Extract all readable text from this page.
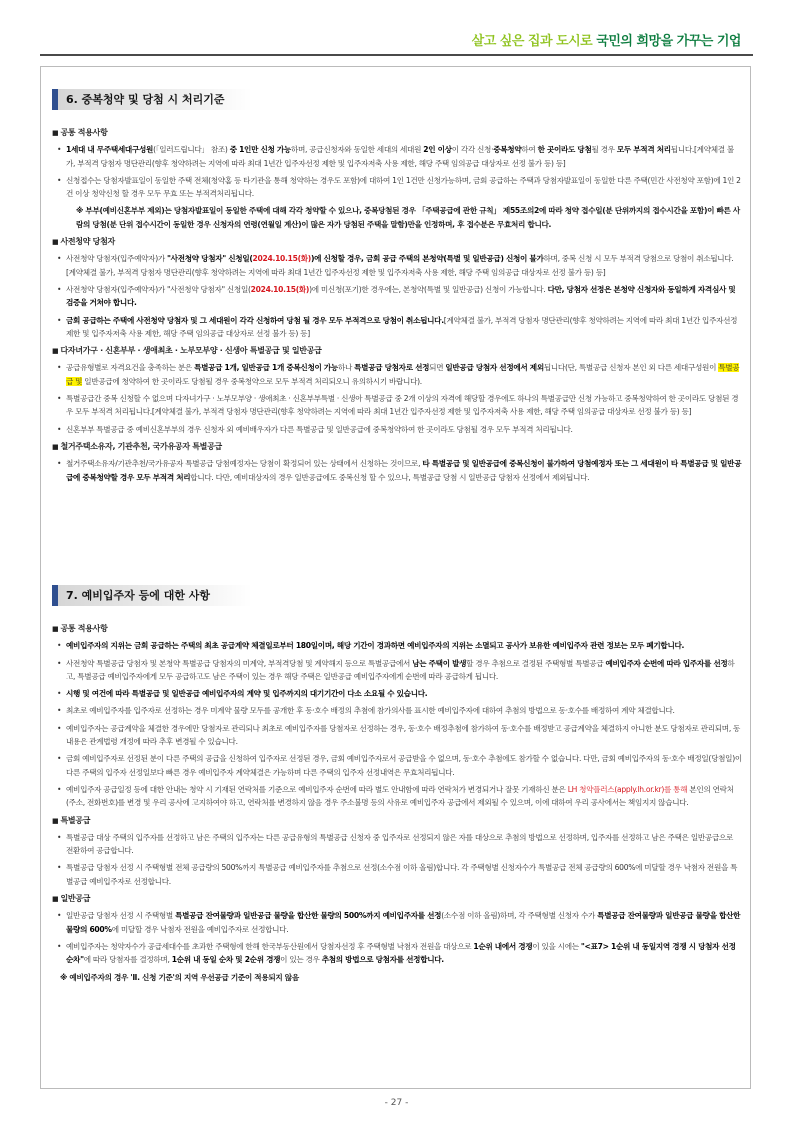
살고 싶은 집과 도시로 국민의 희망을 가꾸는 기업
6. 중복청약 및 당첨 시 처리기준
■ 공통 적용사항
• 1세대 내 무주택세대구성원(「일러드립니다」 참조) 중 1인만 신청 가능하며, 공급신청자와 동일한 세대의 세대원 2인 이상이 각각 신청·중복청약하여 한 곳이라도 당첨될 경우 모두 부적격 처리됩니다.[계약체결 불가, 부적격 당첨자 명단관리(향후 청약하려는 지역에 따라 최대 1년간 입주자선정 제한 및 입주자저축 사용 제한, 해당 주택 임의공급 대상자로 선정 불가 등) 등]
• 신청접수는 당첨자발표일이 동일한 주택 전체(청약홈 등 타기관을 통해 청약하는 경우도 포함)에 대하여 1인 1건만 신청가능하며, 금회 공급하는 주택과 당첨자발표일이 동일한 다른 주택(민간 사전청약 포함)에 1인 2건 이상 청약신청 할 경우 모두 무효 또는 부적격처리됩니다.
※ 부부(예비신혼부부 제외)는 당첨자발표일이 동일한 주택에 대해 각각 청약할 수 있으나, 중복당첨된 경우 「주택공급에 관한 규칙」 제55조의2에 따라 청약 접수일(분 단위까지의 접수시간을 포함)이 빠른 사람의 당첨(분 단위 접수시간이 동일한 경우 신청자의 연령(연월일 계산)이 많은 자가 당첨된 주택을 말함)만을 인정하며, 후 접수분은 무효처리 합니다.
■ 사전청약 당첨자
• 사전청약 당첨자(입주예약자)가 "사전청약 당첨자" 신청일(2024.10.15(화))에 신청할 경우, 금회 공급 주택의 본청약(특별 및 일반공급) 신청이 불가하며, 중복 신청 시 모두 부적격 당첨으로 당첨이 취소됩니다.[계약체결 불가, 부적격 당첨자 명단관리(향후 청약하려는 지역에 따라 최대 1년간 입주자선정 제한 및 입주자저축 사용 제한, 해당 주택 임의공급 대상자로 선정 불가 등) 등]
• 사전청약 당첨자(입주예약자)가 "사전청약 당첨자" 신청일(2024.10.15(화))에 미신청(포기)한 경우에는, 본청약(특별 및 일반공급) 신청이 가능합니다. 다만, 당첨자 선정은 본청약 신청자와 동일하게 자격심사 및 검증을 거쳐야 합니다.
• 금회 공급하는 주택에 사전청약 당첨자 및 그 세대원이 각각 신청하여 당첨 될 경우 모두 부적격으로 당첨이 취소됩니다.[계약체결 불가, 부적격 당첨자 명단관리(향후 청약하려는 지역에 따라 최대 1년간 입주자선정 제한 및 입주자저축 사용 제한, 해당 주택 임의공급 대상자로 선정 불가 등) 등]
■ 다자녀가구 · 신혼부부 · 생애최초 · 노부모부양 · 신생아 특별공급 및 일반공급
• 공급유형별로 자격요건을 충족하는 분은 특별공급 1개, 일반공급 1개 중복신청이 가능하나 특별공급 당첨자로 선정되면 일반공급 당첨자 선정에서 제외됩니다(단, 특별공급 신청자 본인 외 다른 세대구성원이 특별공급 및 일반공급에 청약하여 한 곳이라도 당첨될 경우 중복청약으로 모두 부적격 처리되오니 유의하시기 바랍니다).
• 특별공급간 중복 신청할 수 없으며 다자녀가구 · 노부모부양 · 생애최초 · 신혼부부특별 · 신생아 특별공급 중 2개 이상의 자격에 해당할 경우에도 하나의 특별공급만 신청 가능하고 중복청약하여 한 곳이라도 당첨된 경우 모두 부적격 처리됩니다.[계약체결 불가, 부적격 당첨자 명단관리(향후 청약하려는 지역에 따라 최대 1년간 입주자선정 제한 및 입주자저축 사용 제한, 해당 주택 임의공급 대상자로 선정 불가 등) 등]
• 신혼부부 특별공급 중 예비신혼부부의 경우 신청자 외 예비배우자가 다른 특별공급 및 일반공급에 중복청약하여 한 곳이라도 당첨될 경우 모두 부적격 처리됩니다.
■ 철거주택소유자, 기관추천, 국가유공자 특별공급
• 철거주택소유자/기관추천/국가유공자 특별공급 당첨예정자는 당첨이 확정되어 있는 상태에서 신청하는 것이므로, 타 특별공급 및 일반공급에 중복신청이 불가하여 당첨예정자 또는 그 세대원이 타 특별공급 및 일반공급에 중복청약할 경우 모두 부적격 처리합니다. 다만, 예비대상자의 경우 일반공급에도 중복신청 할 수 있으나, 특별공급 당첨 시 일반공급 당첨자 선정에서 제외됩니다.
7. 예비입주자 등에 대한 사항
■ 공통 적용사항
• 예비입주자의 지위는 금회 공급하는 주택의 최초 공급계약 체결일로부터 180일이며, 해당 기간이 경과하면 예비입주자의 지위는 소멸되고 공사가 보유한 예비입주자 관련 정보는 모두 폐기합니다.
• 사전청약 특별공급 당첨자 및 본청약 특별공급 당첨자의 미계약, 부적격당첨 및 계약해지 등으로 특별공급에서 남는 주택이 발생할 경우 추첨으로 결정된 주택형별 특별공급 예비입주자 순번에 따라 입주자를 선정하고, 특별공급 예비입주자에게 모두 공급하고도 남은 주택이 있는 경우 해당 주택은 일반공급 예비입주자에게 순번에 따라 공급하게 됩니다.
• 시행 및 여건에 따라 특별공급 및 일반공급 예비입주자의 계약 및 입주까지의 대기기간이 다소 소요될 수 있습니다.
• 최초로 예비입주자를 입주자로 선정하는 경우 미계약 물량 모두를 공개한 후 동·호수 배정의 추첨에 참가의사를 표시한 예비입주자에 대하여 추첨의 방법으로 동·호수를 배정하여 계약 체결합니다.
• 예비입주자는 공급계약을 체결한 경우에만 당첨자로 관리되나 최초로 예비입주자를 당첨자로 선정하는 경우, 동·호수 배정추첨에 참가하여 동·호수를 배정받고 공급계약을 체결하지 아니한 분도 당첨자로 관리되며, 동 내용은 관계법령 개정에 따라 추후 변경될 수 있습니다.
• 금회 예비입주자로 선정된 분이 다른 주택의 공급을 신청하여 입주자로 선정된 경우, 금회 예비입주자로서 공급받을 수 없으며, 동·호수 추첨에도 참가할 수 없습니다. 다만, 금회 예비입주자의 동·호수 배정일(당첨일)이 다른 주택의 입주자 선정일보다 빠른 경우 예비입주자 계약체결은 가능하며 다른 주택의 입주자 선정내역은 무효처리됩니다.
• 예비입주자 공급일정 등에 대한 안내는 청약 시 기재된 연락처를 기준으로 예비입주자 순번에 따라 별도 안내함에 따라 연락처가 변경되거나 잘못 기재하신 분은 LH 청약플러스(apply.lh.or.kr)를 통해 본인의 연락처(주소, 전화번호)를 변경 및 우리 공사에 고지하여야 하고, 연락처를 변경하지 않음 경우 주소불명 등의 사유로 예비입주자 공급에서 제외될 수 있으며, 이에 대하여 우리 공사에서는 책임지지 않습니다.
■ 특별공급
• 특별공급 대상 주택의 입주자를 선정하고 남은 주택의 입주자는 다른 공급유형의 특별공급 신청자 중 입주자로 선정되지 않은 자를 대상으로 추첨의 방법으로 선정하며, 입주자를 선정하고 남은 주택은 일반공급으로 전환하여 공급합니다.
• 특별공급 당첨자 선정 시 주택형별 전체 공급량의 500%까지 특별공급 예비입주자를 추첨으로 선정(소수점 이하 올림)합니다. 각 주택형별 신청자수가 특별공급 전체 공급량의 600%에 미달할 경우 낙첨자 전원을 특별공급 예비입주자로 선정합니다.
■ 일반공급
• 일반공급 당첨자 선정 시 주택형별 특별공급 잔여물량과 일반공급 물량을 합산한 물량의 500%까지 예비입주자를 선정(소수점 이하 올림)하며, 각 주택형별 신청자 수가 특별공급 잔여물량과 일반공급 물량을 합산한 물량의 600%에 미달할 경우 낙첨자 전원을 예비입주자로 선정합니다.
• 예비입주자는 청약자수가 공급세대수를 초과한 주택형에 한해 한국부동산원에서 당첨자선정 후 주택형별 낙첨자 전원을 대상으로 1순위 내에서 경쟁이 있을 시에는 "<표7> 1순위 내 동일지역 경쟁 시 당첨자 선정순차"에 따라 당첨자를 결정하며, 1순위 내 동일 순차 및 2순위 경쟁이 있는 경우 추첨의 방법으로 당첨자를 선정합니다.
※ 예비입주자의 경우 'Ⅱ. 신청 기준'의 지역 우선공급 기준이 적용되지 않음
- 27 -
